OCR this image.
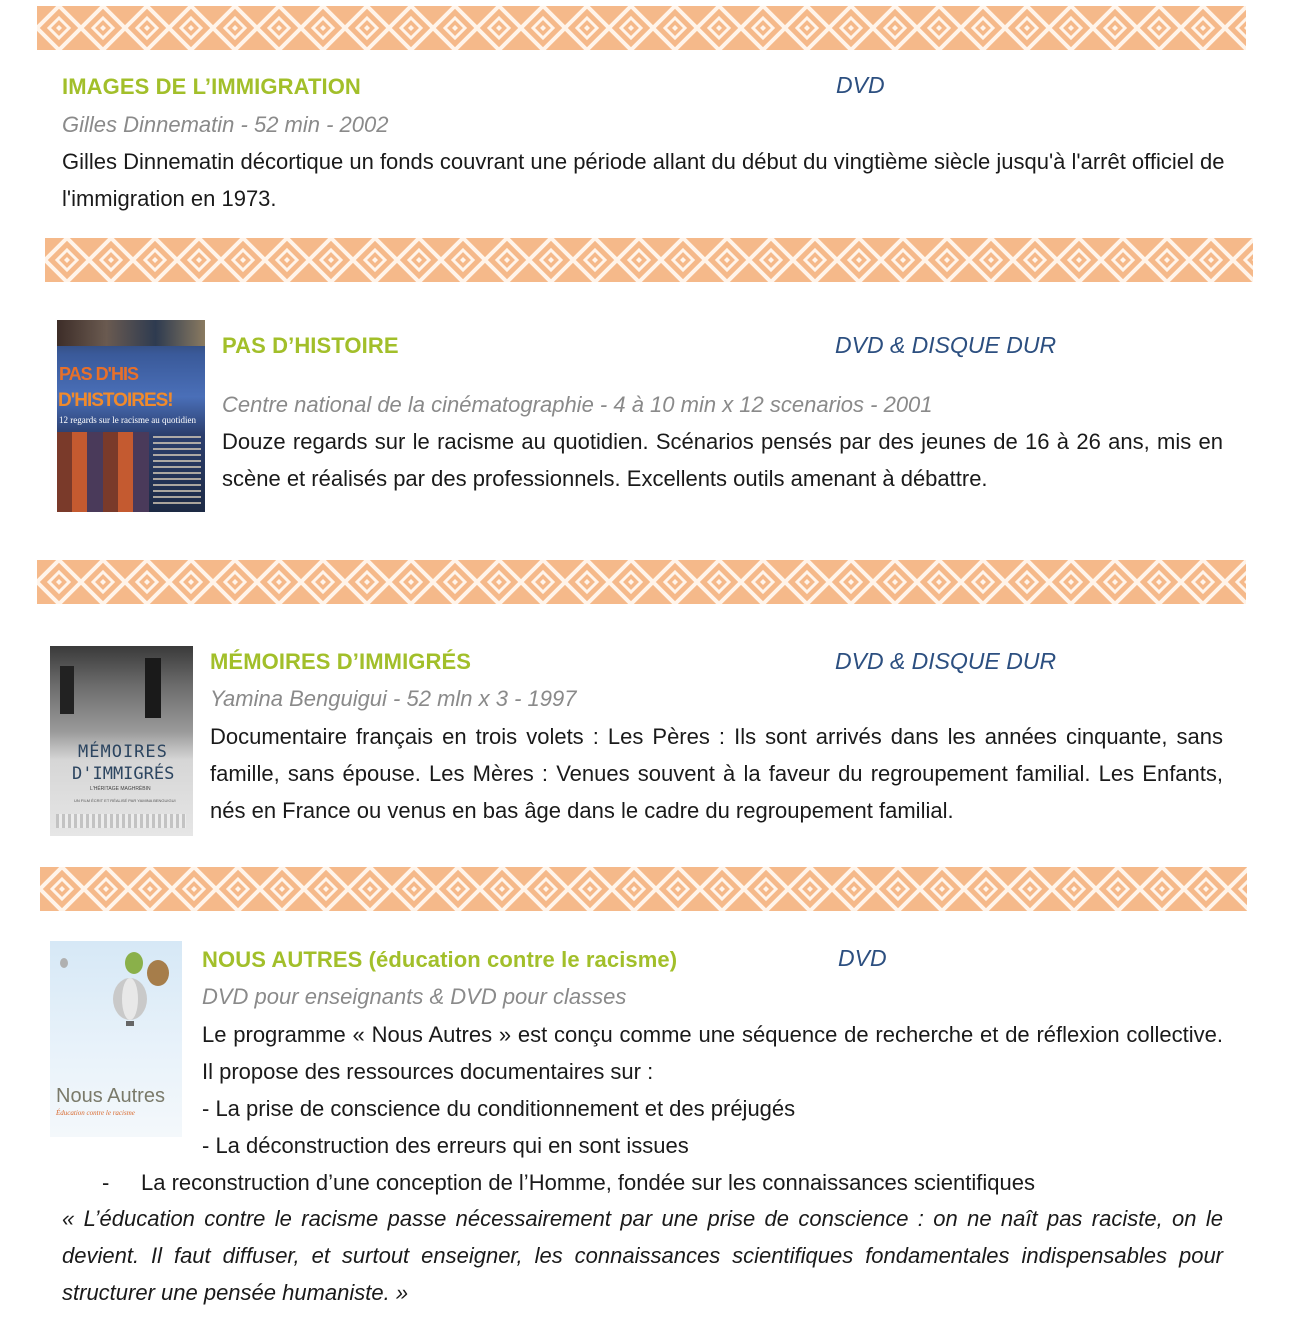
IMAGES DE L’IMMIGRATION	DVD
Gilles Dinnematin - 52 min - 2002
Gilles Dinnematin décortique un fonds couvrant une période allant du début du vingtième siècle jusqu'à l'arrêt officiel de l'immigration en 1973.
PAS D'HIS
D'HISTOIRES!
12 regards sur le racisme au quotidien
PAS D’HISTOIRE	DVD & DISQUE DUR
Centre national de la cinématographie - 4 à 10 min x 12 scenarios - 2001
Douze regards sur le racisme au quotidien. Scénarios pensés par des jeunes de 16 à 26 ans, mis en scène et réalisés par des professionnels. Excellents outils amenant à débattre.
MÉMOIRES
D'IMMIGRÉS
L'HÉRITAGE MAGHRÉBIN
UN FILM ÉCRIT ET RÉALISÉ PAR YAMINA BENGUIGUI
MÉMOIRES D’IMMIGRÉS	DVD & DISQUE DUR
Yamina Benguigui - 52 mln x 3 - 1997
Documentaire français en trois volets : Les Pères : Ils sont arrivés dans les années cinquante, sans famille, sans épouse. Les Mères : Venues souvent à la faveur du regroupement familial. Les Enfants, nés en France ou venus en bas âge dans le cadre du regroupement familial.
Nous Autres
Éducation contre le racisme
NOUS AUTRES (éducation contre le racisme)	DVD
DVD pour enseignants & DVD pour classes
Le programme « Nous Autres » est conçu comme une séquence de recherche et de réflexion collective. Il propose des ressources documentaires sur :
- La prise de conscience du conditionnement et des préjugés
- La déconstruction des erreurs qui en sont issues
- La reconstruction d’une conception de l’Homme, fondée sur les connaissances scientifiques
« L’éducation contre le racisme passe nécessairement par une prise de conscience : on ne naît pas raciste, on le devient. Il faut diffuser, et surtout enseigner, les connaissances scientifiques fondamentales indispensables pour structurer une pensée humaniste. »
